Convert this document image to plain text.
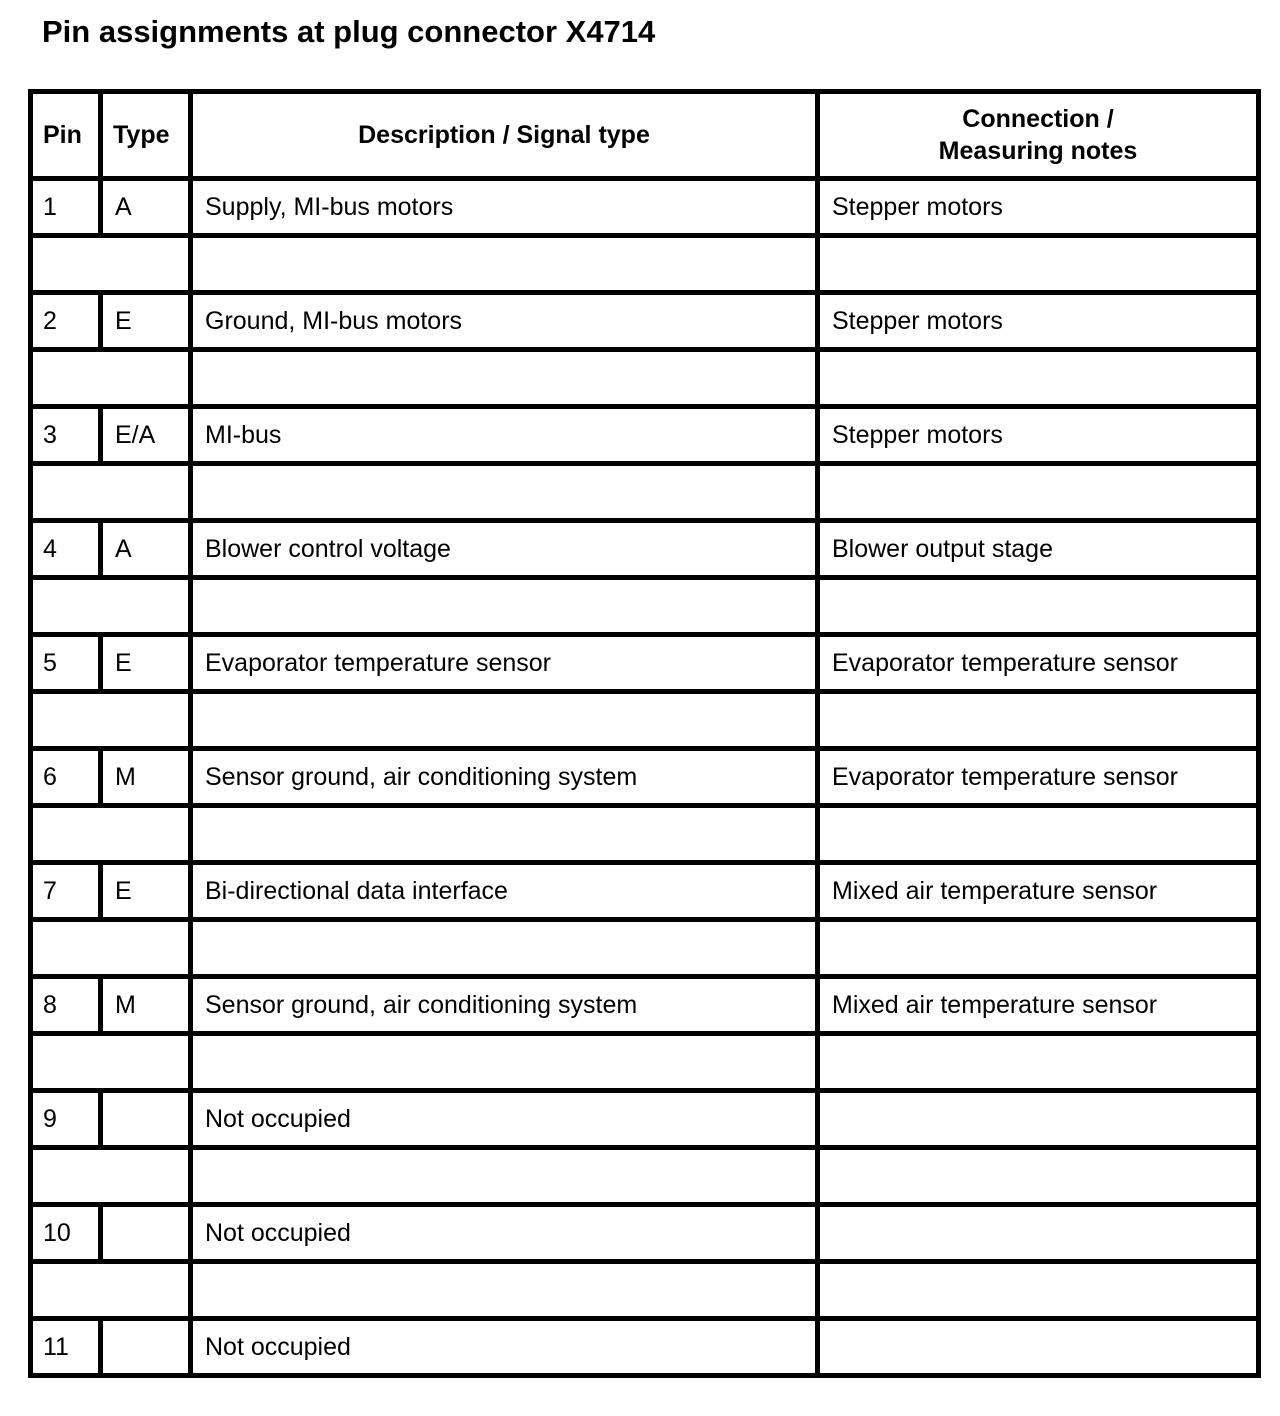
Pin assignments at plug connector X4714
Pin	Type	Description / Signal type	Connection /
Measuring notes

1	A	Supply, MI-bus motors	Stepper motors

2	E	Ground, MI-bus motors	Stepper motors

3	E/A	MI-bus	Stepper motors

4	A	Blower control voltage	Blower output stage

5	E	Evaporator temperature sensor	Evaporator temperature sensor

6	M	Sensor ground, air conditioning system	Evaporator temperature sensor

7	E	Bi-directional data interface	Mixed air temperature sensor

8	M	Sensor ground, air conditioning system	Mixed air temperature sensor

9		Not occupied	

10		Not occupied	

11		Not occupied	
